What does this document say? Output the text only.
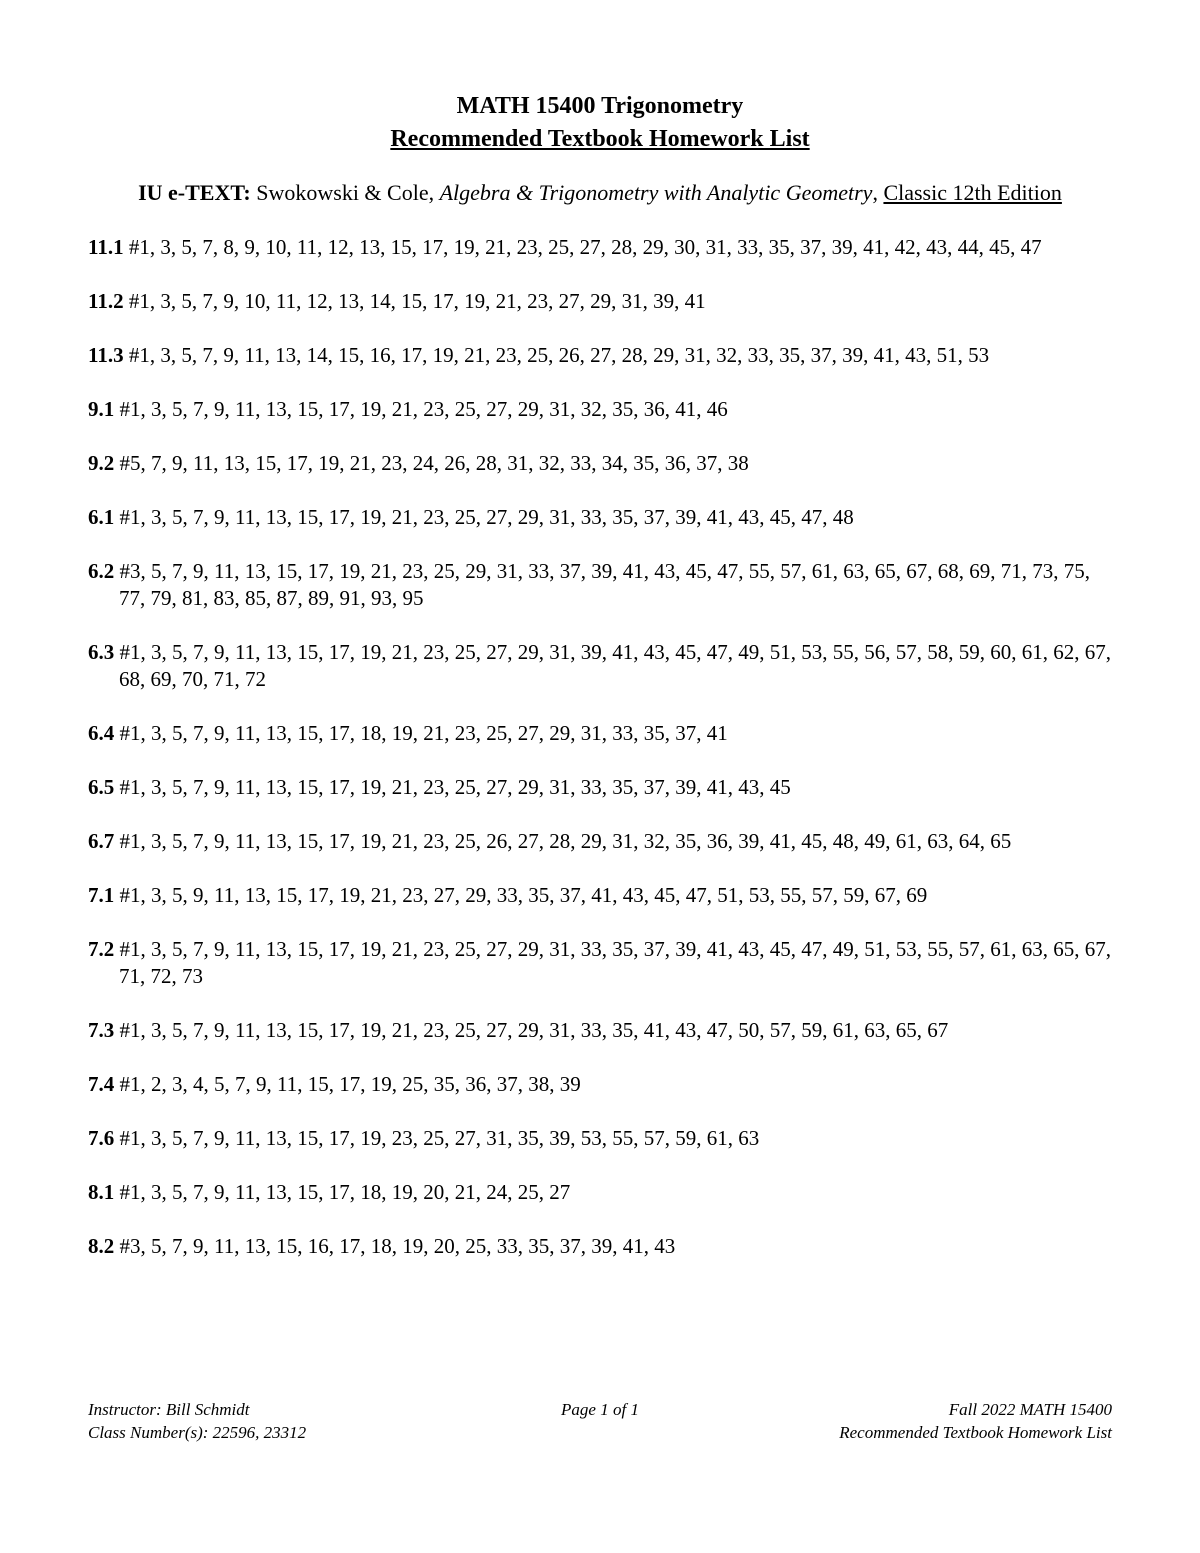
MATH 15400 Trigonometry
Recommended Textbook Homework List
IU e-TEXT: Swokowski & Cole, Algebra & Trigonometry with Analytic Geometry, Classic 12th Edition

11.1 #1, 3, 5, 7, 8, 9, 10, 11, 12, 13, 15, 17, 19, 21, 23, 25, 27, 28, 29, 30, 31, 33, 35, 37, 39, 41, 42, 43, 44, 45, 47

11.2 #1, 3, 5, 7, 9, 10, 11, 12, 13, 14, 15, 17, 19, 21, 23, 27, 29, 31, 39, 41

11.3 #1, 3, 5, 7, 9, 11, 13, 14, 15, 16, 17, 19, 21, 23, 25, 26, 27, 28, 29, 31, 32, 33, 35, 37, 39, 41, 43, 51, 53

9.1 #1, 3, 5, 7, 9, 11, 13, 15, 17, 19, 21, 23, 25, 27, 29, 31, 32, 35, 36, 41, 46

9.2 #5, 7, 9, 11, 13, 15, 17, 19, 21, 23, 24, 26, 28, 31, 32, 33, 34, 35, 36, 37, 38

6.1 #1, 3, 5, 7, 9, 11, 13, 15, 17, 19, 21, 23, 25, 27, 29, 31, 33, 35, 37, 39, 41, 43, 45, 47, 48

6.2 #3, 5, 7, 9, 11, 13, 15, 17, 19, 21, 23, 25, 29, 31, 33, 37, 39, 41, 43, 45, 47, 55, 57, 61, 63, 65, 67, 68, 69, 71, 73, 75, 77, 79, 81, 83, 85, 87, 89, 91, 93, 95

6.3 #1, 3, 5, 7, 9, 11, 13, 15, 17, 19, 21, 23, 25, 27, 29, 31, 39, 41, 43, 45, 47, 49, 51, 53, 55, 56, 57, 58, 59, 60, 61, 62, 67, 68, 69, 70, 71, 72

6.4 #1, 3, 5, 7, 9, 11, 13, 15, 17, 18, 19, 21, 23, 25, 27, 29, 31, 33, 35, 37, 41

6.5 #1, 3, 5, 7, 9, 11, 13, 15, 17, 19, 21, 23, 25, 27, 29, 31, 33, 35, 37, 39, 41, 43, 45

6.7 #1, 3, 5, 7, 9, 11, 13, 15, 17, 19, 21, 23, 25, 26, 27, 28, 29, 31, 32, 35, 36, 39, 41, 45, 48, 49, 61, 63, 64, 65

7.1 #1, 3, 5, 9, 11, 13, 15, 17, 19, 21, 23, 27, 29, 33, 35, 37, 41, 43, 45, 47, 51, 53, 55, 57, 59, 67, 69

7.2 #1, 3, 5, 7, 9, 11, 13, 15, 17, 19, 21, 23, 25, 27, 29, 31, 33, 35, 37, 39, 41, 43, 45, 47, 49, 51, 53, 55, 57, 61, 63, 65, 67, 71, 72, 73

7.3 #1, 3, 5, 7, 9, 11, 13, 15, 17, 19, 21, 23, 25, 27, 29, 31, 33, 35, 41, 43, 47, 50, 57, 59, 61, 63, 65, 67

7.4 #1, 2, 3, 4, 5, 7, 9, 11, 15, 17, 19, 25, 35, 36, 37, 38, 39

7.6 #1, 3, 5, 7, 9, 11, 13, 15, 17, 19, 23, 25, 27, 31, 35, 39, 53, 55, 57, 59, 61, 63

8.1 #1, 3, 5, 7, 9, 11, 13, 15, 17, 18, 19, 20, 21, 24, 25, 27

8.2 #3, 5, 7, 9, 11, 13, 15, 16, 17, 18, 19, 20, 25, 33, 35, 37, 39, 41, 43

Instructor: Bill Schmidt
Class Number(s): 22596, 23312
Page 1 of 1	Fall 2022 MATH 15400
Recommended Textbook Homework List
